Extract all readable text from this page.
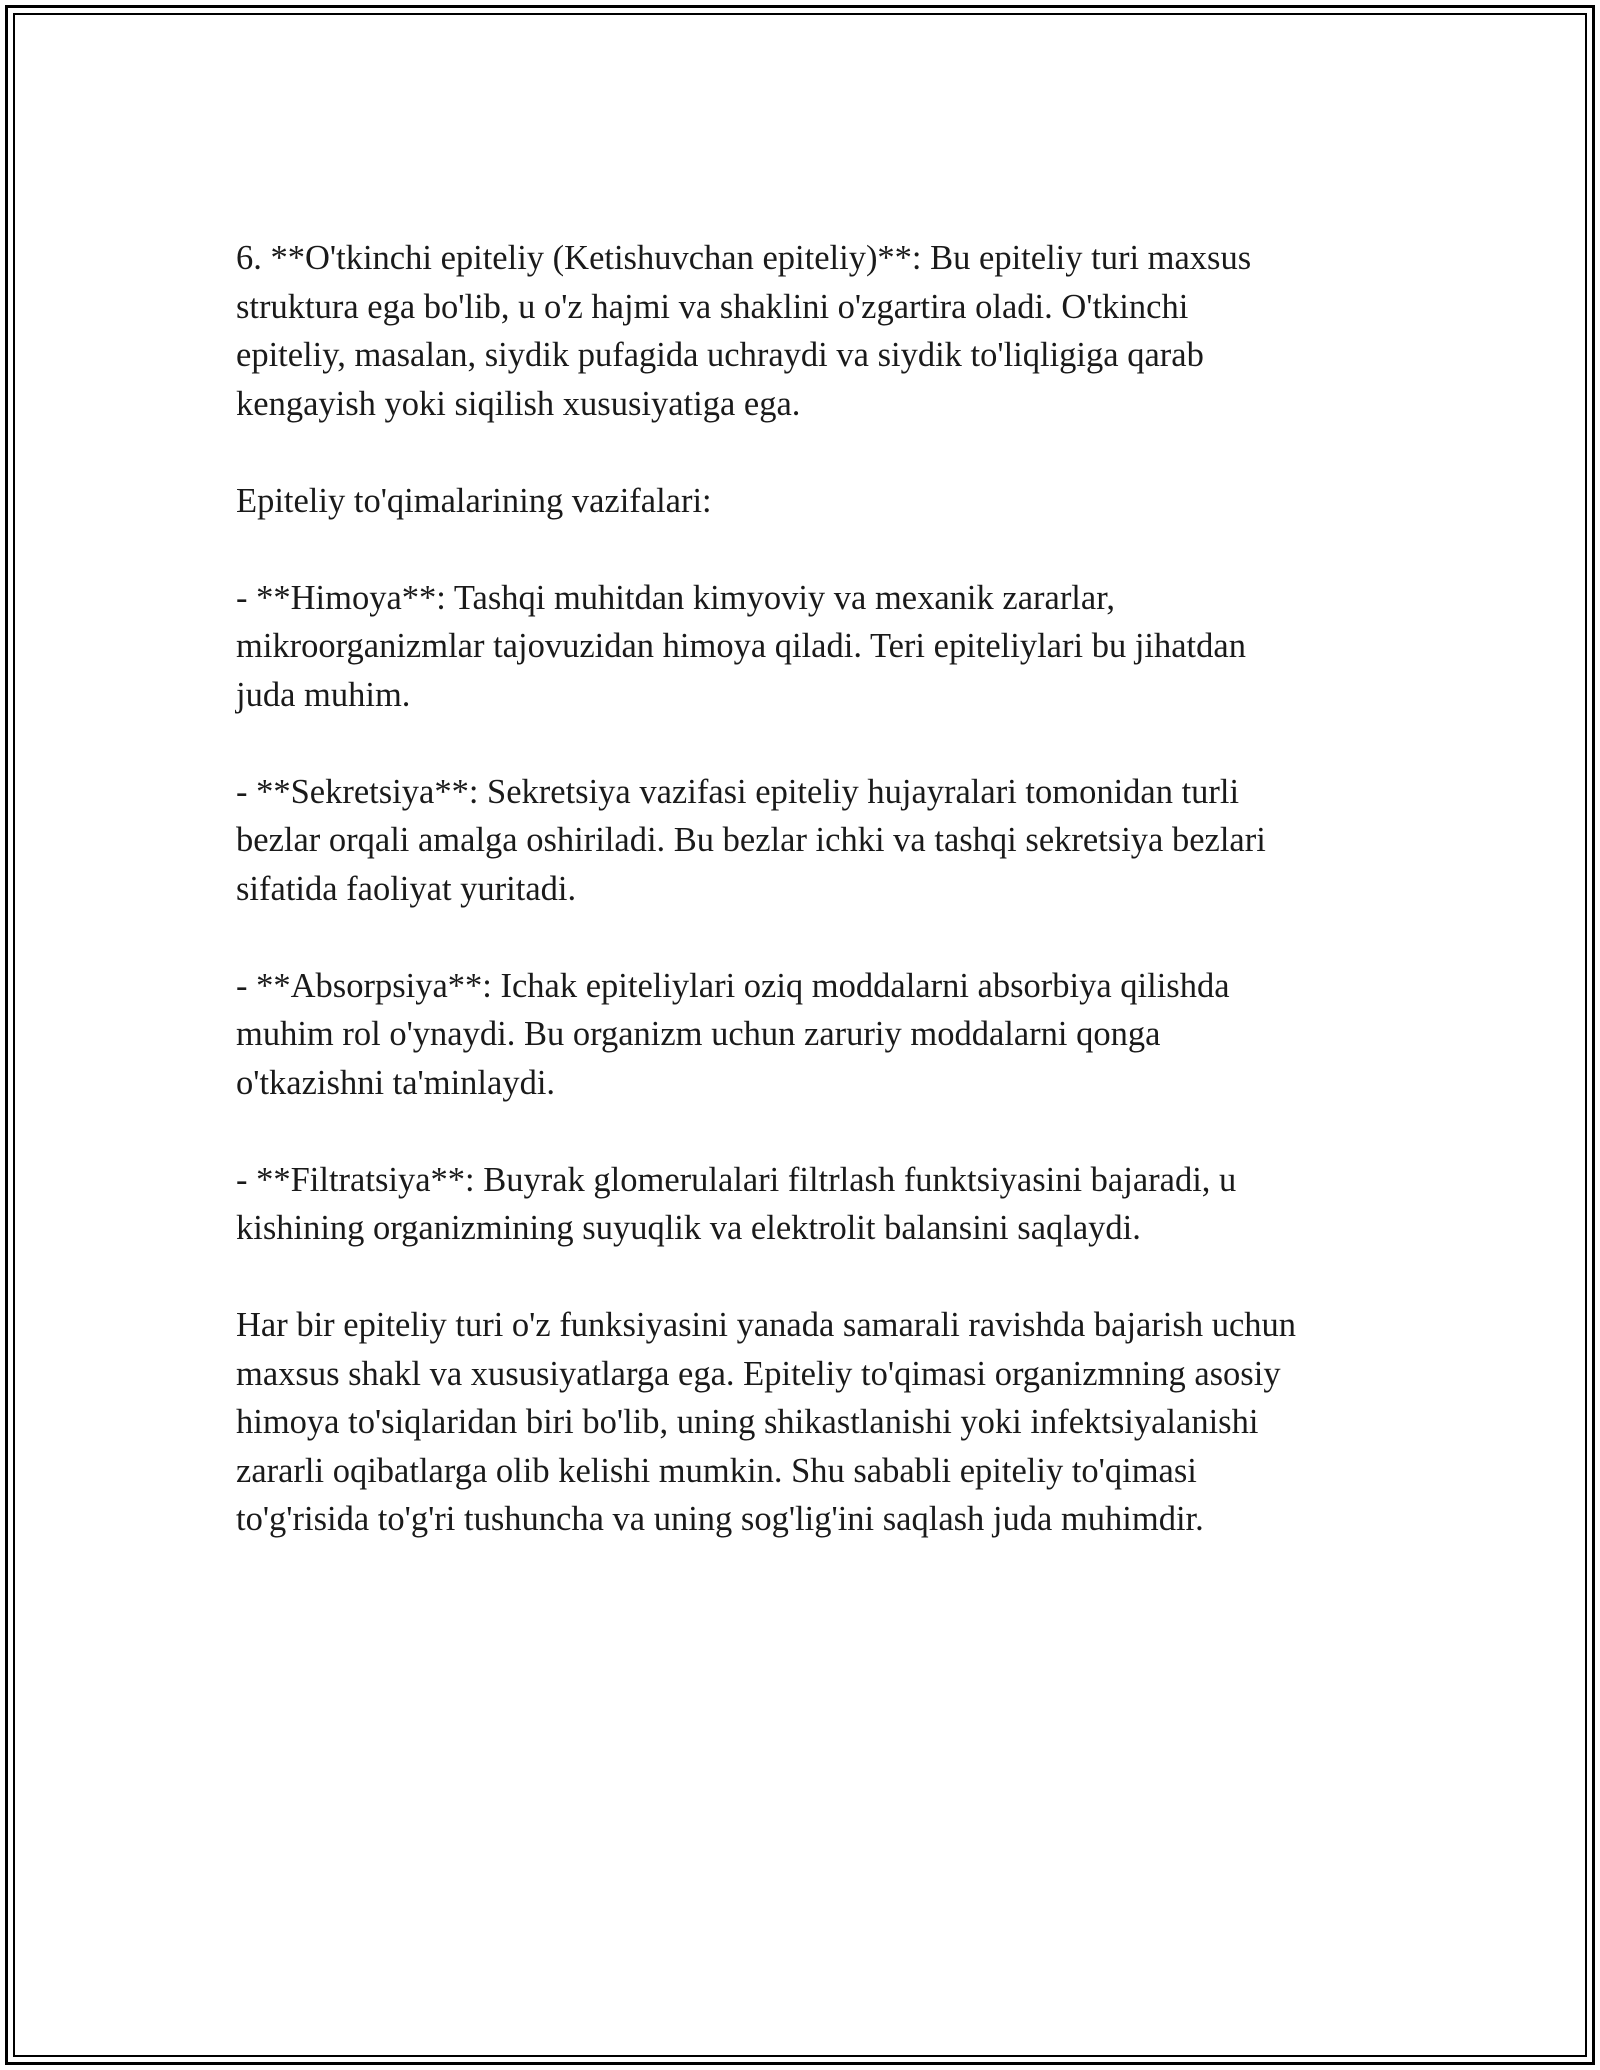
6. **O'tkinchi epiteliy (Ketishuvchan epiteliy)**: Bu epiteliy turi maxsus
struktura ega bo'lib, u o'z hajmi va shaklini o'zgartira oladi. O'tkinchi
epiteliy, masalan, siydik pufagida uchraydi va siydik to'liqligiga qarab
kengayish yoki siqilish xususiyatiga ega.

Epiteliy to'qimalarining vazifalari:

- **Himoya**: Tashqi muhitdan kimyoviy va mexanik zararlar,
mikroorganizmlar tajovuzidan himoya qiladi. Teri epiteliylari bu jihatdan
juda muhim.

- **Sekretsiya**: Sekretsiya vazifasi epiteliy hujayralari tomonidan turli
bezlar orqali amalga oshiriladi. Bu bezlar ichki va tashqi sekretsiya bezlari
sifatida faoliyat yuritadi.

- **Absorpsiya**: Ichak epiteliylari oziq moddalarni absorbiya qilishda
muhim rol o'ynaydi. Bu organizm uchun zaruriy moddalarni qonga
o'tkazishni ta'minlaydi.

- **Filtratsiya**: Buyrak glomerulalari filtrlash funktsiyasini bajaradi, u
kishining organizmining suyuqlik va elektrolit balansini saqlaydi.

Har bir epiteliy turi o'z funksiyasini yanada samarali ravishda bajarish uchun
maxsus shakl va xususiyatlarga ega. Epiteliy to'qimasi organizmning asosiy
himoya to'siqlaridan biri bo'lib, uning shikastlanishi yoki infektsiyalanishi
zararli oqibatlarga olib kelishi mumkin. Shu sababli epiteliy to'qimasi
to'g'risida to'g'ri tushuncha va uning sog'lig'ini saqlash juda muhimdir.
